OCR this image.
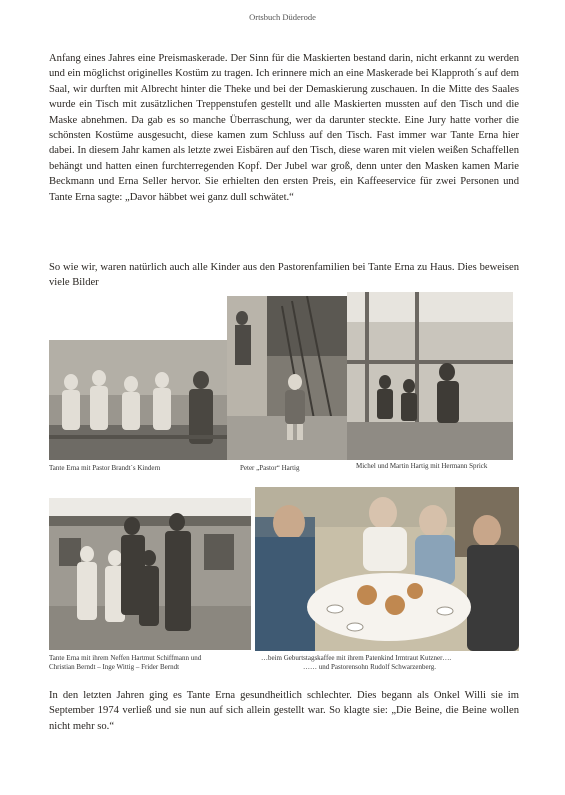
Ortsbuch Düderode

Anfang eines Jahres eine Preismaskerade. Der Sinn für die Maskierten bestand darin, nicht erkannt zu werden und ein möglichst originelles Kostüm zu tragen. Ich erinnere mich an eine Maskerade bei Klapproth´s auf dem Saal, wir durften mit Albrecht hinter die Theke und bei der Demaskierung zuschauen. In die Mitte des Saales wurde ein Tisch mit zusätzlichen Treppenstufen gestellt und alle Maskierten mussten auf den Tisch und die Maske abnehmen. Da gab es so manche Überraschung, wer da darunter steckte. Eine Jury hatte vorher die schönsten Kostüme ausgesucht, diese kamen zum Schluss auf den Tisch. Fast immer war Tante Erna hier dabei. In diesem Jahr kamen als letzte zwei Eisbären auf den Tisch, diese waren mit vielen weißen Schaffellen behängt und hatten einen furchterregenden Kopf. Der Jubel war groß, denn unter den Masken kamen Marie Beckmann und Erna Seller hervor. Sie erhielten den ersten Preis, ein Kaffeeservice für zwei Personen und Tante Erna sagte: „Davor häbbet wei ganz dull schwätet.“

So wie wir, waren natürlich auch alle Kinder aus den Pastorenfamilien bei Tante Erna zu Haus. Dies beweisen viele Bilder

Tante Erna mit Pastor Brandt´s Kindern	Peter „Pastor“ Hartig	Michel und Martin Hartig mit Hermann Sprick
Tante Erna mit ihrem Neffen Hartmut Schiffmann und
Christian Berndt – Inge Wittig – Frider Berndt
…beim Geburtstagskaffee mit ihrem Patenkind Irmtraut Kutzner….
…… und Pastorensohn Rudolf Schwarzenberg.

In den letzten Jahren ging es Tante Erna gesundheitlich schlechter. Dies begann als Onkel Willi sie im September 1974 verließ und sie nun auf sich allein gestellt war. So klagte sie: „Die Beine, die Beine wollen nicht mehr so.“
